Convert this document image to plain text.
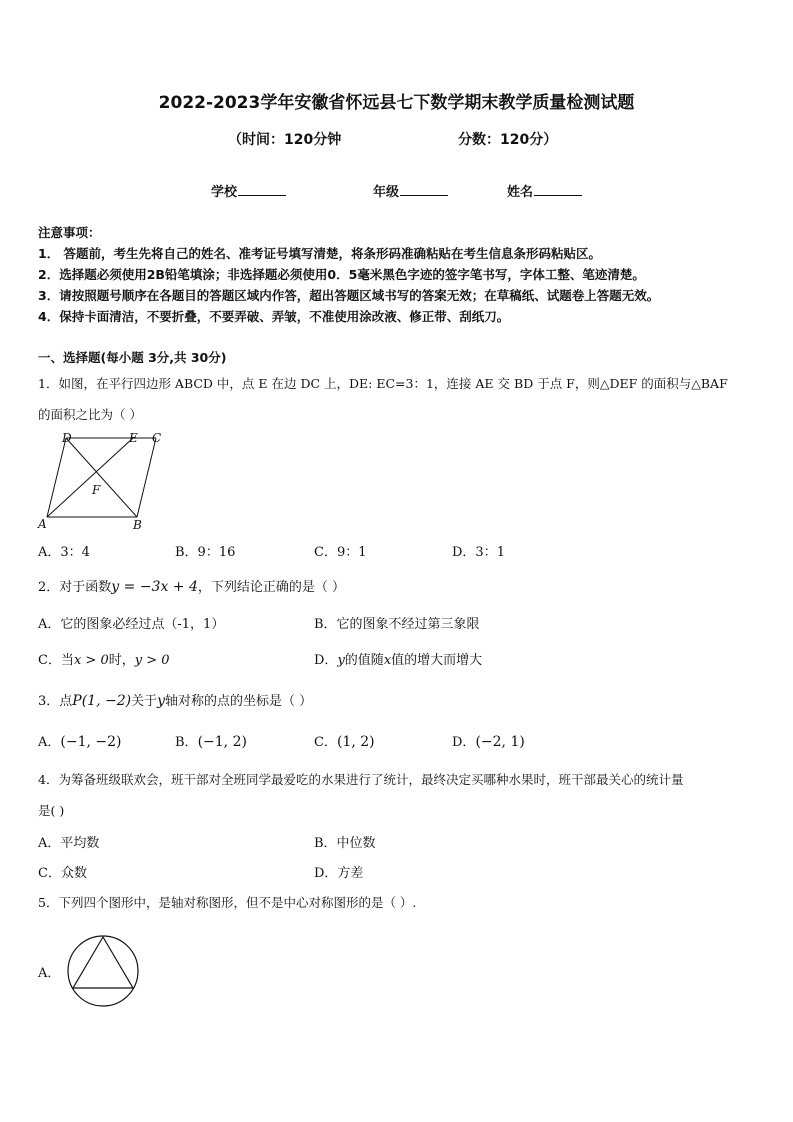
2022-2023学年安徽省怀远县七下数学期末教学质量检测试题
（时间：120分钟	分数：120分）
学校	年级	姓名
注意事项：
1． 答题前，考生先将自己的姓名、准考证号填写清楚，将条形码准确粘贴在考生信息条形码粘贴区。
2．选择题必须使用2B铅笔填涂；非选择题必须使用0．5毫米黑色字迹的签字笔书写，字体工整、笔迹清楚。
3．请按照题号顺序在各题目的答题区域内作答，超出答题区域书写的答案无效；在草稿纸、试题卷上答题无效。
4．保持卡面清洁，不要折叠，不要弄破、弄皱，不准使用涂改液、修正带、刮纸刀。
一、选择题(每小题 3分,共 30分)
1．如图，在平行四边形 ABCD 中，点 E 在边 DC 上，DE: EC=3：1，连接 AE 交 BD 于点 F，则△DEF 的面积与△BAF
的面积之比为（ ）
D	E C
F
A	B
A．3：4	B．9：16	C．9：1	D．3：1
2．对于函数y = −3x + 4，下列结论正确的是（ ）
A．它的图象必经过点（-1，1）	B．它的图象不经过第三象限
C．当x > 0时，y > 0	D．y的值随x值的增大而增大
3．点P(1, −2)关于y轴对称的点的坐标是（ ）
A．(−1, −2)	B．(−1, 2)	C．(1, 2)	D．(−2, 1)
4．为筹备班级联欢会，班干部对全班同学最爱吃的水果进行了统计，最终决定买哪种水果时，班干部最关心的统计量
是( )
A．平均数	B．中位数
C．众数	D．方差
5．下列四个图形中，是轴对称图形，但不是中心对称图形的是（ ）.
A．
